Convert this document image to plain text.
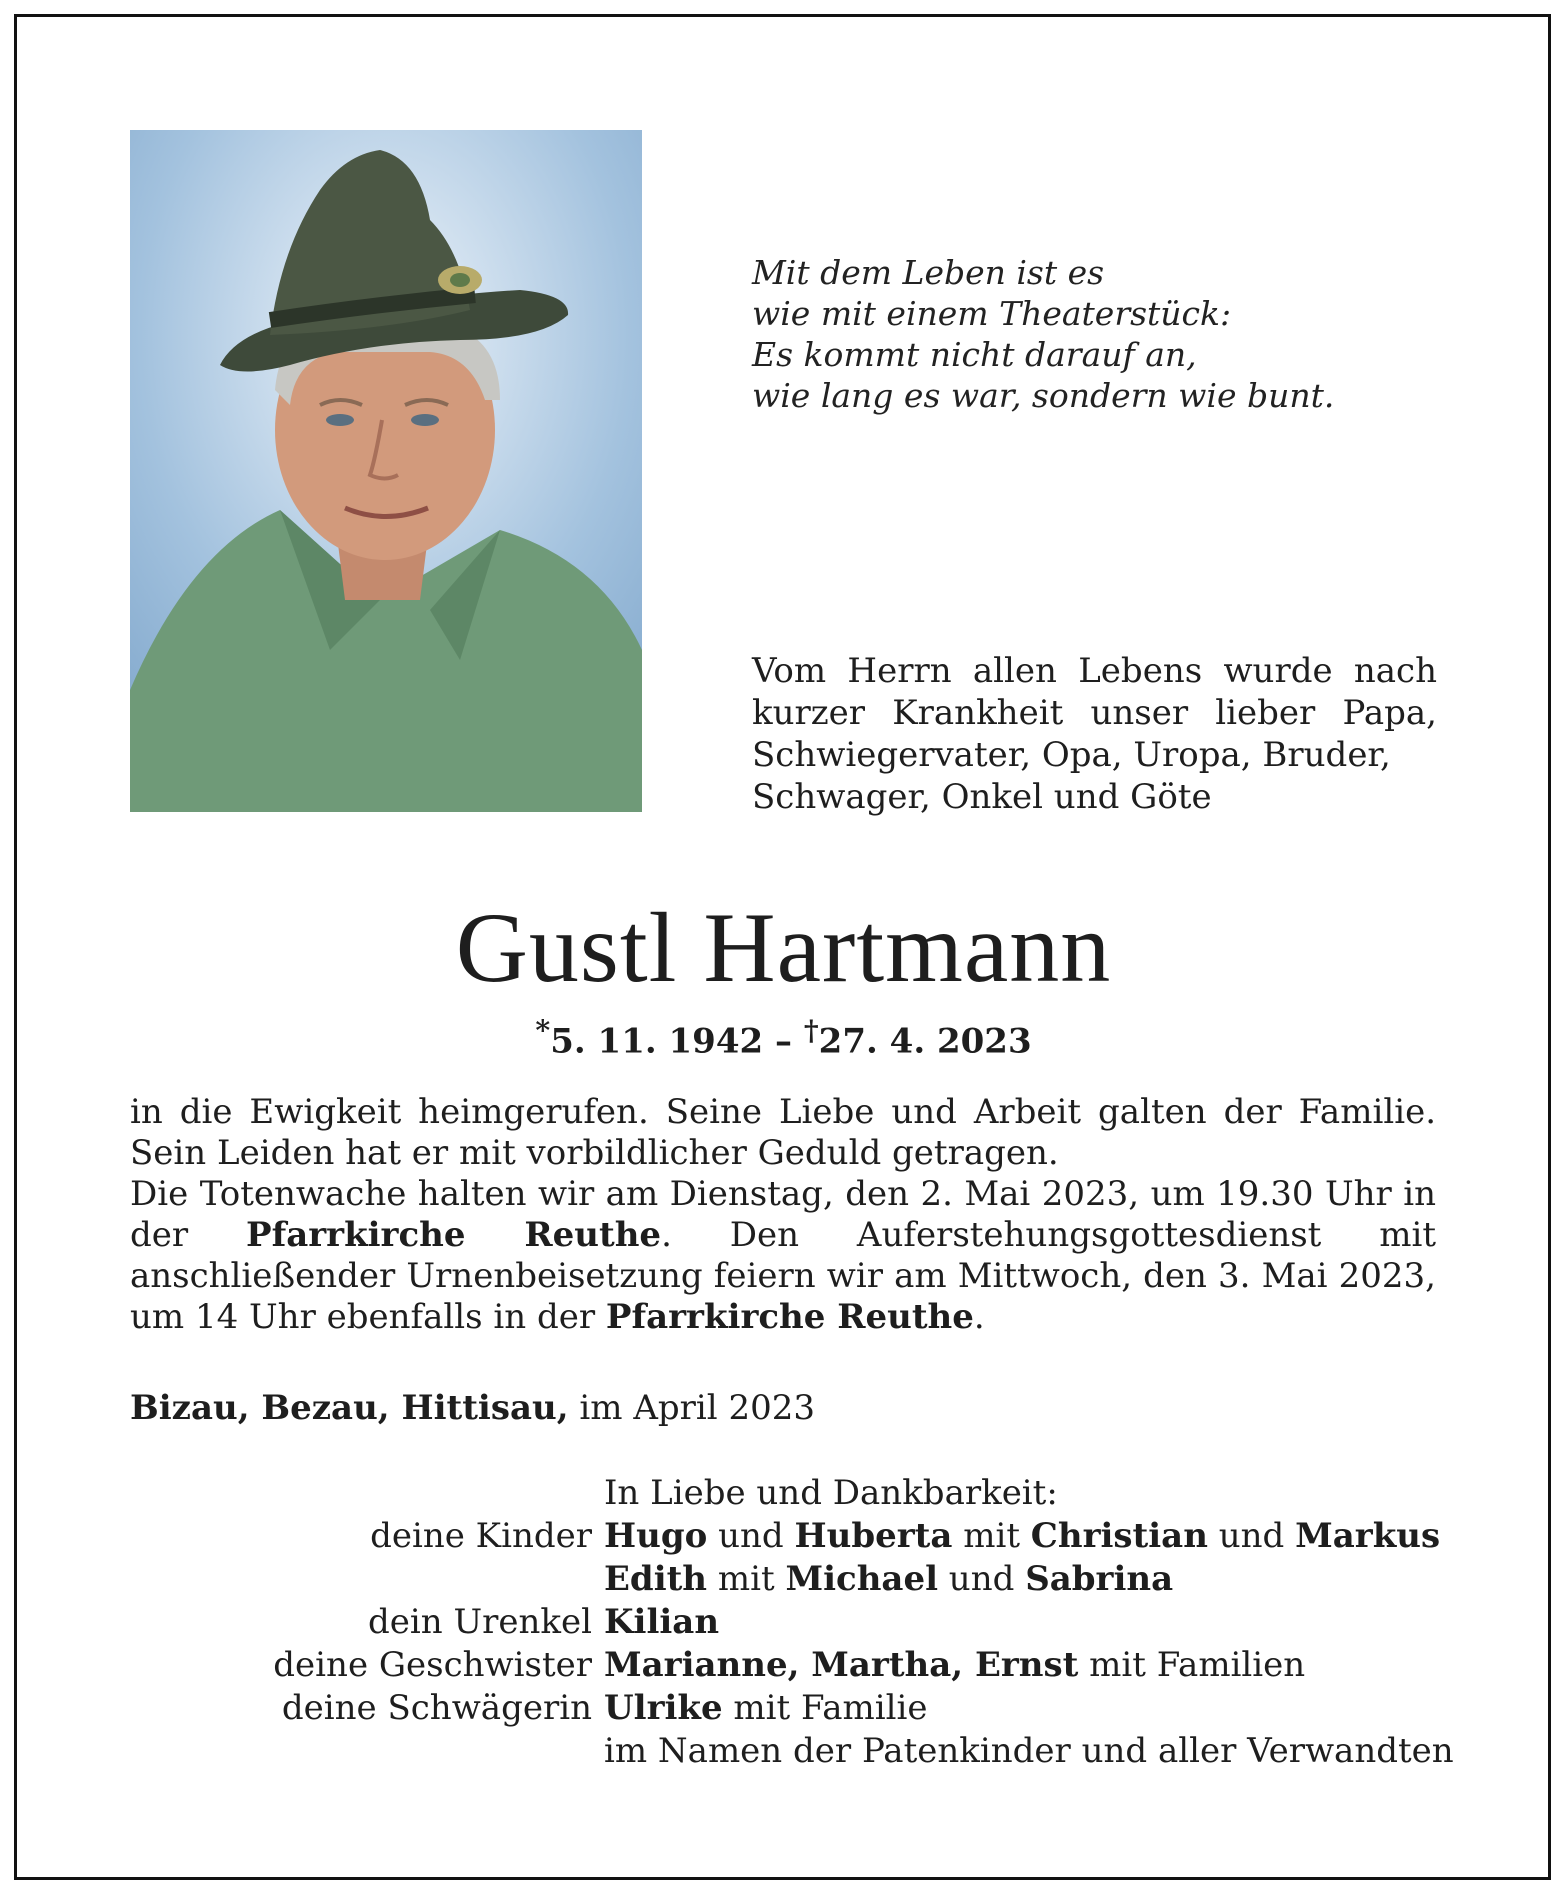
Mit dem Leben ist es
wie mit einem Theaterstück:
Es kommt nicht darauf an,
wie lang es war, sondern wie bunt.
Vom Herrn allen Lebens wurde nach kurzer Krankheit unser lieber Papa, Schwiegervater, Opa, Uropa, Bruder,
Schwager, Onkel und Göte
Gustl Hartmann
*5. 11. 1942 – †27. 4. 2023

in die Ewigkeit heimgerufen. Seine Liebe und Arbeit galten der Familie. Sein Leiden hat er mit vorbildlicher Geduld getragen.

Die Totenwache halten wir am Dienstag, den 2. Mai 2023, um 19.30 Uhr in der Pfarrkirche Reuthe. Den Auferstehungsgottesdienst mit anschließender Urnenbeisetzung feiern wir am Mittwoch, den 3. Mai 2023, um 14 Uhr ebenfalls in der Pfarrkirche Reuthe.

Bizau, Bezau, Hittisau, im April 2023
In Liebe und Dankbarkeit:
deine Kinder Hugo und Huberta mit Christian und Markus
Edith mit Michael und Sabrina
dein Urenkel Kilian
deine Geschwister Marianne, Martha, Ernst mit Familien
deine Schwägerin Ulrike mit Familie
im Namen der Patenkinder und aller Verwandten
